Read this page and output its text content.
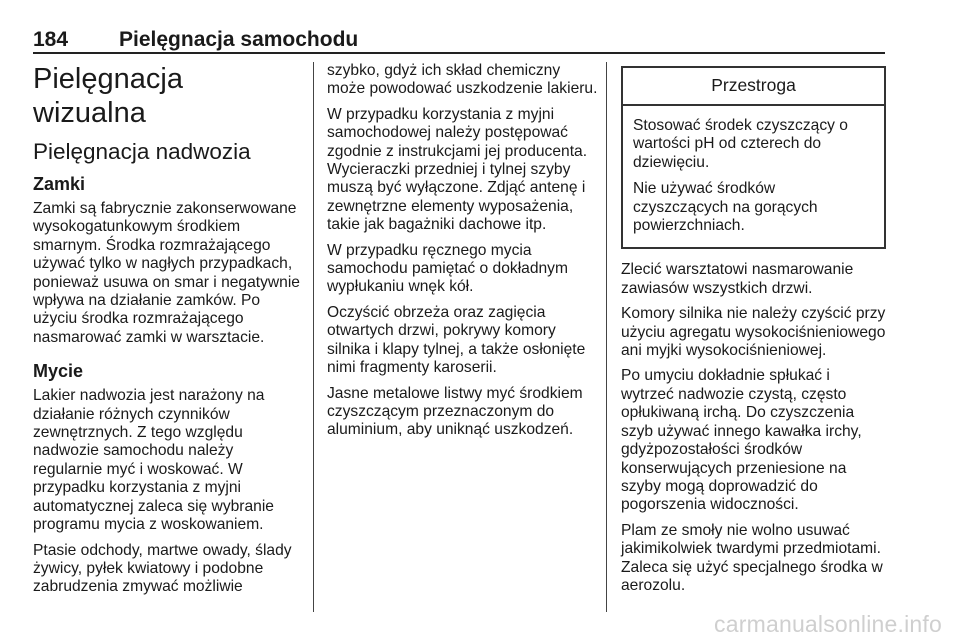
184 Pielęgnacja samochodu
Pielęgnacja wizualna
Pielęgnacja nadwozia
Zamki

Zamki są fabrycznie zakonserwowane wysokogatunkowym środkiem smarnym. Środka rozmrażającego używać tylko w nagłych przypadkach, ponieważ usuwa on smar i negatywnie wpływa na działanie zamków. Po użyciu środka rozmrażającego nasmarować zamki w warsztacie.

Mycie

Lakier nadwozia jest narażony na działanie różnych czynników zewnętrznych. Z tego względu nadwozie samochodu należy regularnie myć i woskować. W przypadku korzystania z myjni automatycznej zaleca się wybranie programu mycia z woskowaniem.

Ptasie odchody, martwe owady, ślady żywicy, pyłek kwiatowy i podobne zabrudzenia zmywać możliwie

szybko, gdyż ich skład chemiczny może powodować uszkodzenie lakieru.

W przypadku korzystania z myjni samochodowej należy postępować zgodnie z instrukcjami jej producenta. Wycieraczki przedniej i tylnej szyby muszą być wyłączone. Zdjąć antenę i zewnętrzne elementy wyposażenia, takie jak bagażniki dachowe itp.

W przypadku ręcznego mycia samochodu pamiętać o dokładnym wypłukaniu wnęk kół.

Oczyścić obrzeża oraz zagięcia otwartych drzwi, pokrywy komory silnika i klapy tylnej, a także osłonięte nimi fragmenty karoserii.

Jasne metalowe listwy myć środkiem czyszczącym przeznaczonym do aluminium, aby uniknąć uszkodzeń.

Przestroga

Stosować środek czyszczący o wartości pH od czterech do dziewięciu.

Nie używać środków czyszczących na gorących powierzchniach.

Zlecić warsztatowi nasmarowanie zawiasów wszystkich drzwi.

Komory silnika nie należy czyścić przy użyciu agregatu wysokociśnieniowego ani myjki wysokociśnieniowej.

Po umyciu dokładnie spłukać i wytrzeć nadwozie czystą, często opłukiwaną irchą. Do czyszczenia szyb używać innego kawałka irchy, gdyżpozostałości środków konserwujących przeniesione na szyby mogą doprowadzić do pogorszenia widoczności.

Plam ze smoły nie wolno usuwać jakimikolwiek twardymi przedmiotami. Zaleca się użyć specjalnego środka w aerozolu.

carmanualsonline.info
